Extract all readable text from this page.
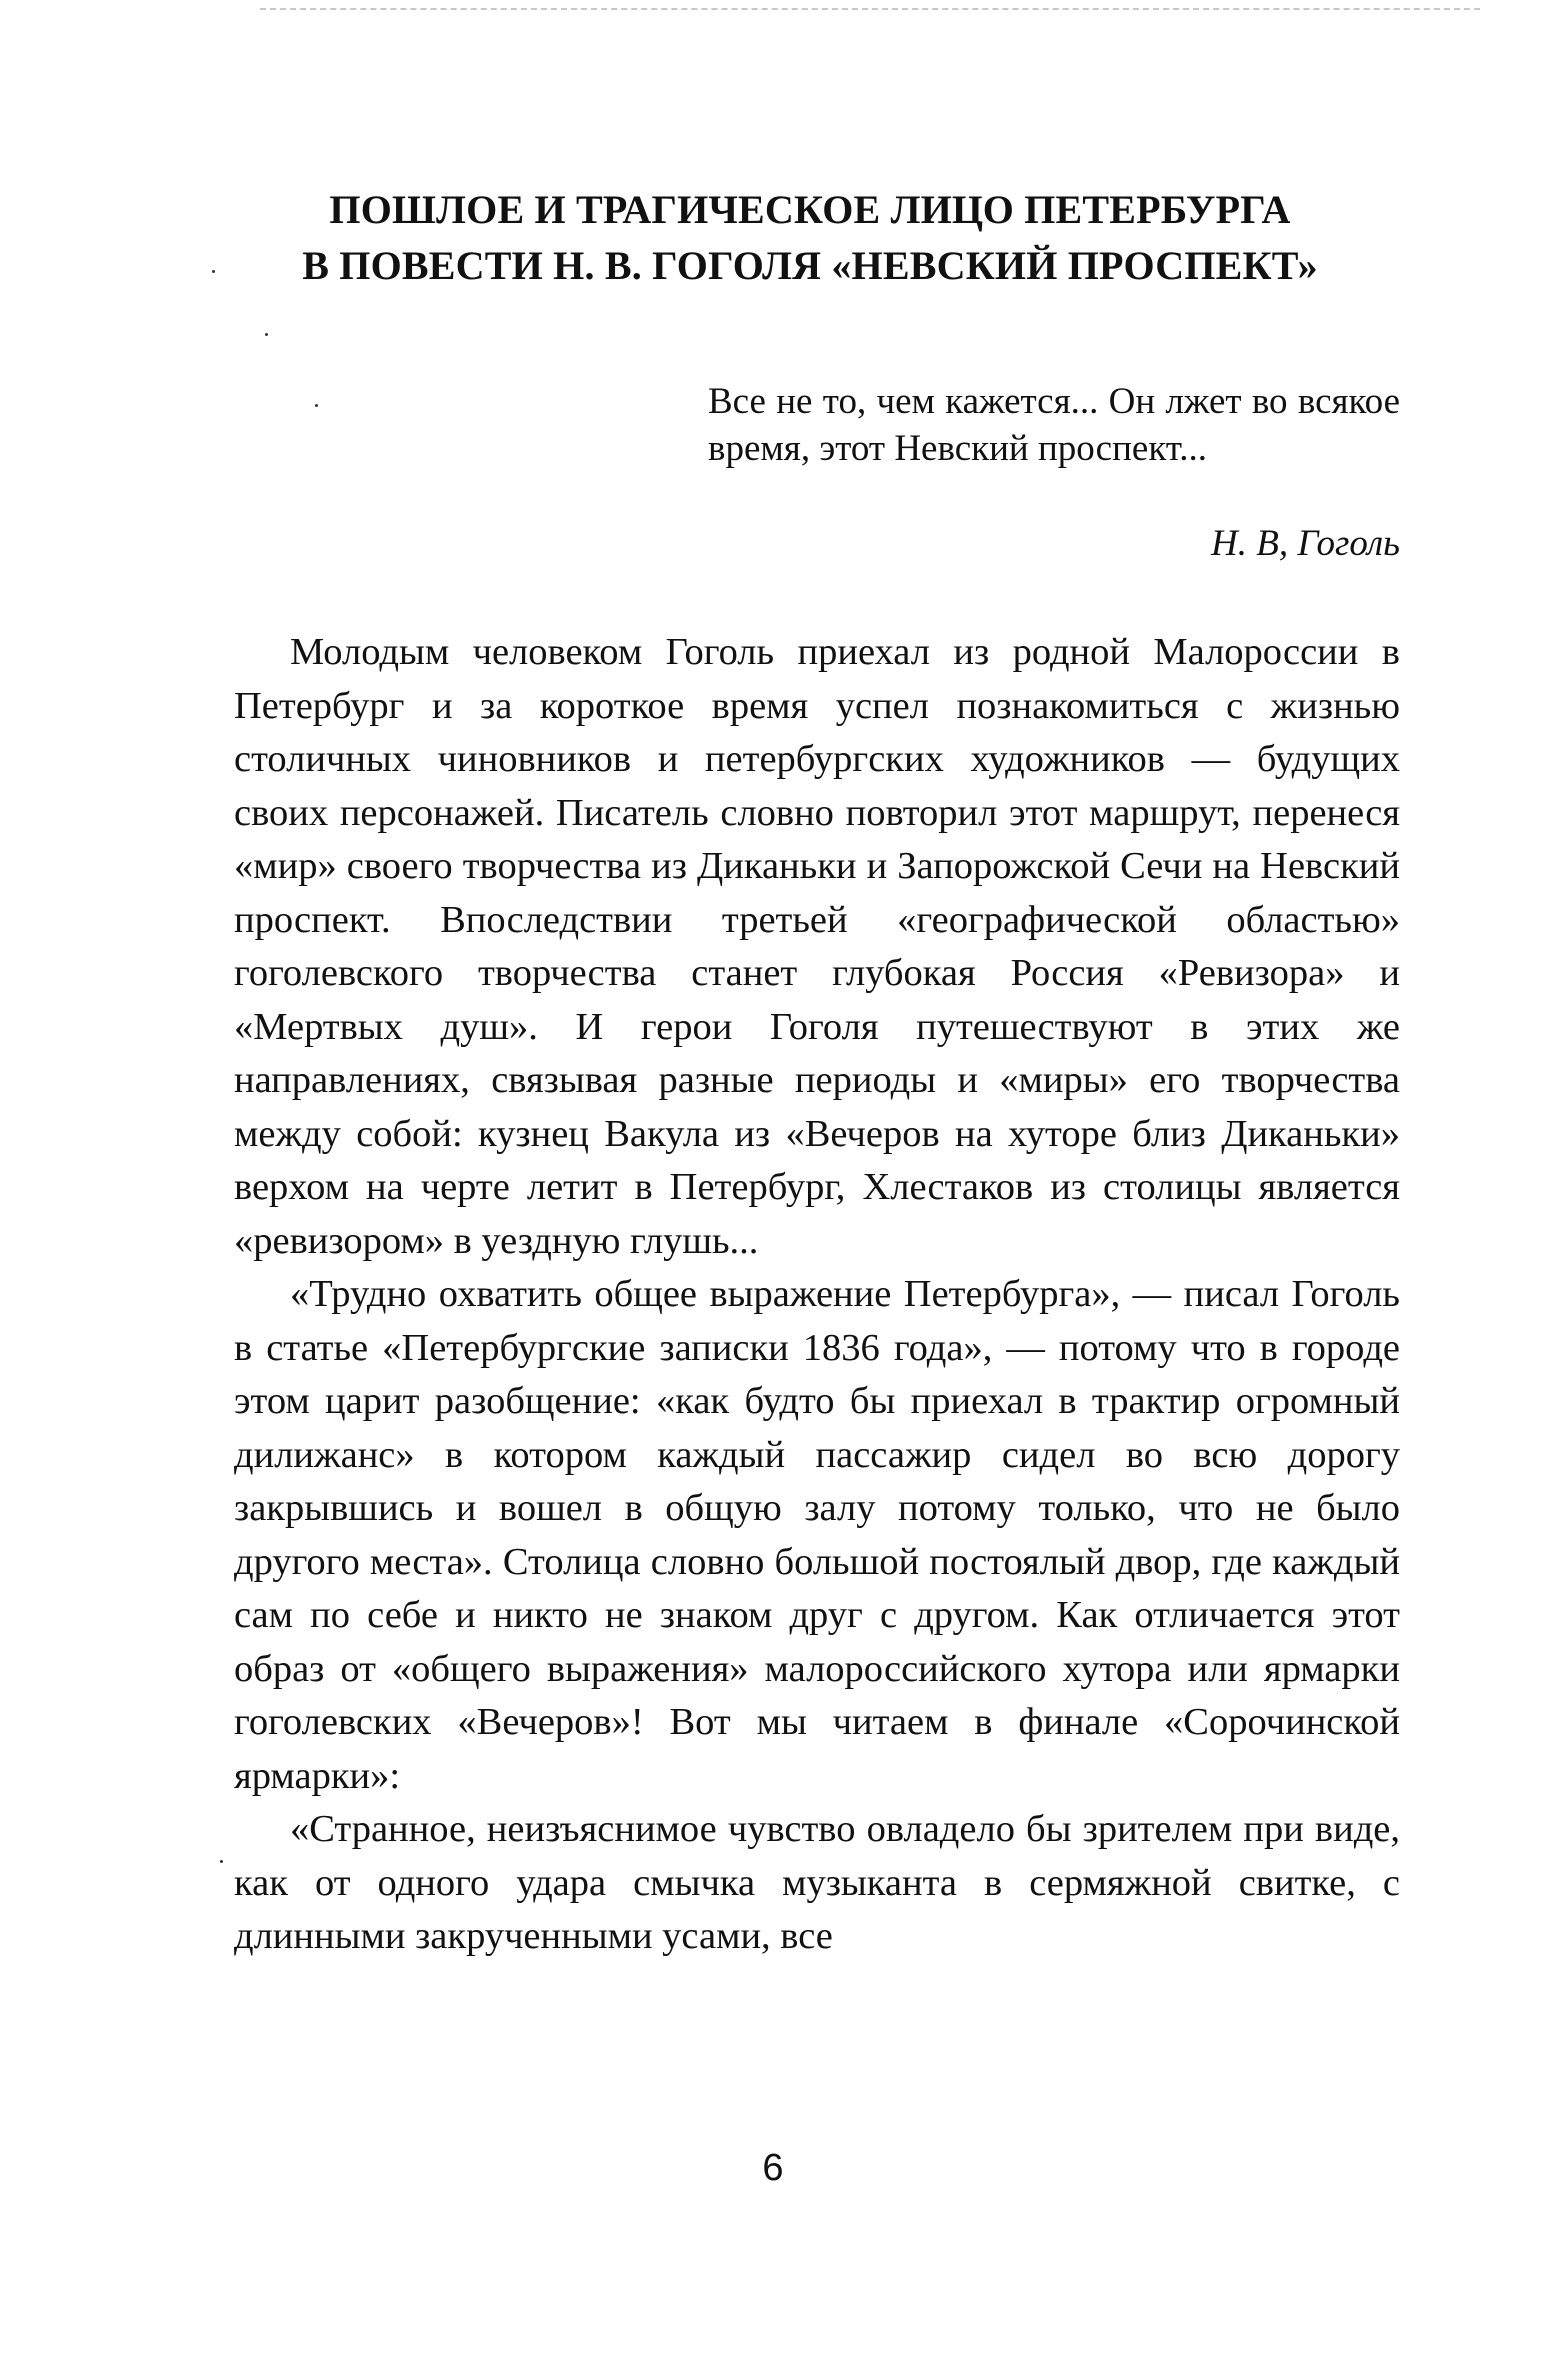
ПОШЛОЕ И ТРАГИЧЕСКОЕ ЛИЦО ПЕТЕРБУРГА
В ПОВЕСТИ Н. В. ГОГОЛЯ «НЕВСКИЙ ПРОСПЕКТ»
Все не то, чем кажется... Он лжет во всякое время, этот Невский проспект...
Н. В, Гоголь

Молодым человеком Гоголь приехал из родной Малороссии в Петербург и за короткое время успел познакомиться с жизнью столичных чиновников и петербургских художников — будущих своих персонажей. Писатель словно повторил этот маршрут, перенеся «мир» своего творчества из Диканьки и Запорожской Сечи на Невский проспект. Впоследствии третьей «географической областью» гоголевского творчества станет глубокая Россия «Ревизора» и «Мертвых душ». И герои Гоголя путешествуют в этих же направлениях, связывая разные периоды и «миры» его творчества между собой: кузнец Вакула из «Вечеров на хуторе близ Диканьки» верхом на черте летит в Петербург, Хлестаков из столицы является «ревизором» в уездную глушь...

«Трудно охватить общее выражение Петербурга», — писал Гоголь в статье «Петербургские записки 1836 года», — потому что в городе этом царит разобщение: «как будто бы приехал в трактир огромный дилижанс» в котором каждый пассажир сидел во всю дорогу закрывшись и вошел в общую залу потому только, что не было другого места». Столица словно большой постоялый двор, где каждый сам по себе и никто не знаком друг с другом. Как отличается этот образ от «общего выражения» малороссийского хутора или ярмарки гоголевских «Вечеров»! Вот мы читаем в финале «Сорочинской ярмарки»:

«Странное, неизъяснимое чувство овладело бы зрителем при виде, как от одного удара смычка музыканта в сермяжной свитке, с длинными закрученными усами, все

6
